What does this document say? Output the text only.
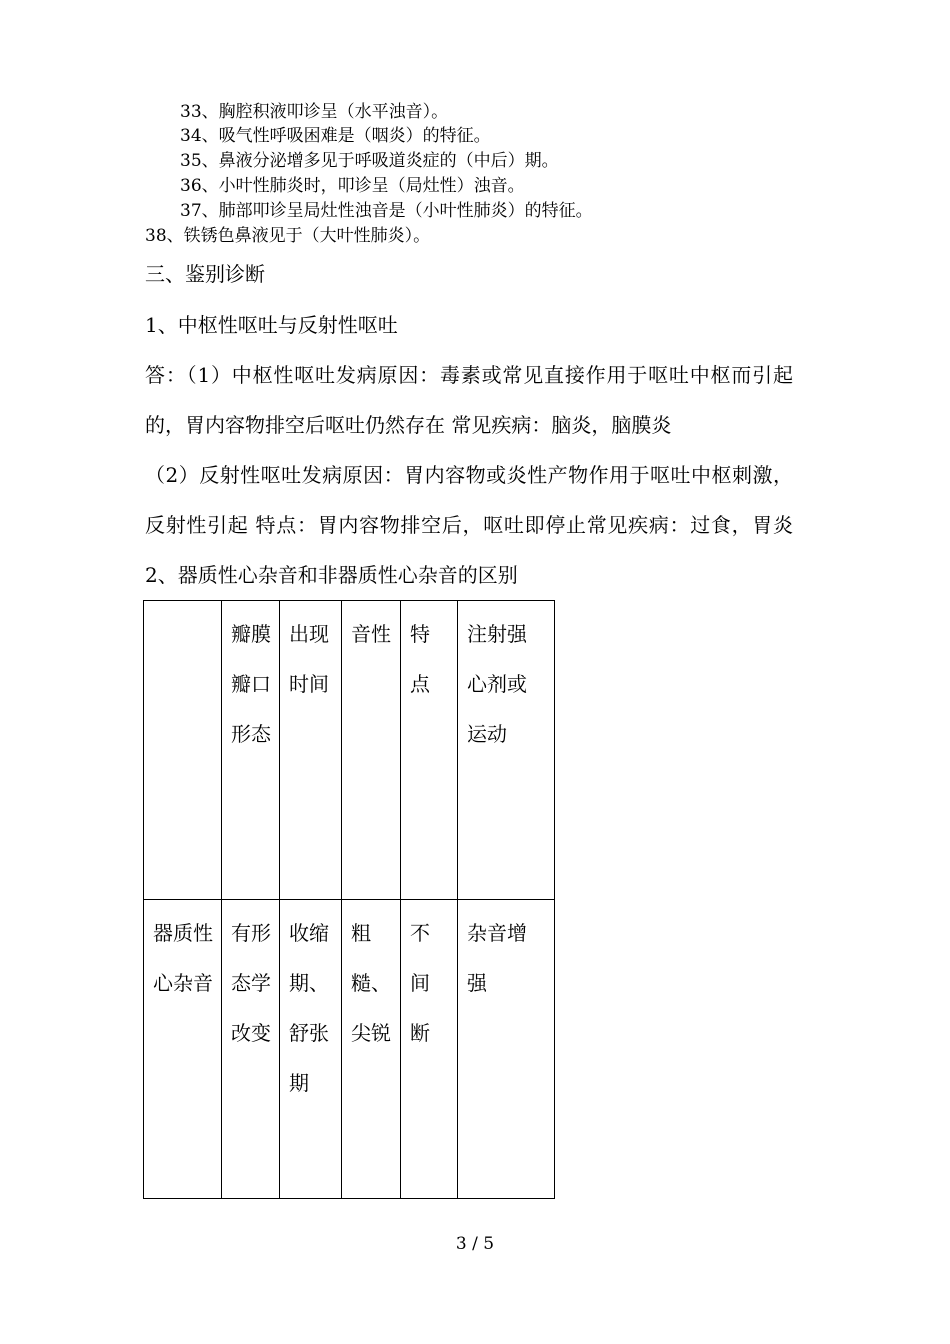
33、胸腔积液叩诊呈（水平浊音）。
34、吸气性呼吸困难是（咽炎）的特征。
35、鼻液分泌增多见于呼吸道炎症的（中后）期。
36、小叶性肺炎时，叩诊呈（局灶性）浊音。
37、肺部叩诊呈局灶性浊音是（小叶性肺炎）的特征。
38、铁锈色鼻液见于（大叶性肺炎）。
三、鉴别诊断
1、中枢性呕吐与反射性呕吐
答：（1）中枢性呕吐发病原因：毒素或常见直接作用于呕吐中枢而引起
的，胃内容物排空后呕吐仍然存在 常见疾病：脑炎，脑膜炎
（2）反射性呕吐发病原因：胃内容物或炎性产物作用于呕吐中枢刺激，
反射性引起 特点：胃内容物排空后，呕吐即停止常见疾病：过食，胃炎
2、器质性心杂音和非器质性心杂音的区别
	瓣膜瓣口形态	出现时间	音性	特点	注射强心剂或运动
器质性心杂音	有形态学改变	收缩期、舒张期	粗糙、尖锐	不间断	杂音增强
3 / 5
